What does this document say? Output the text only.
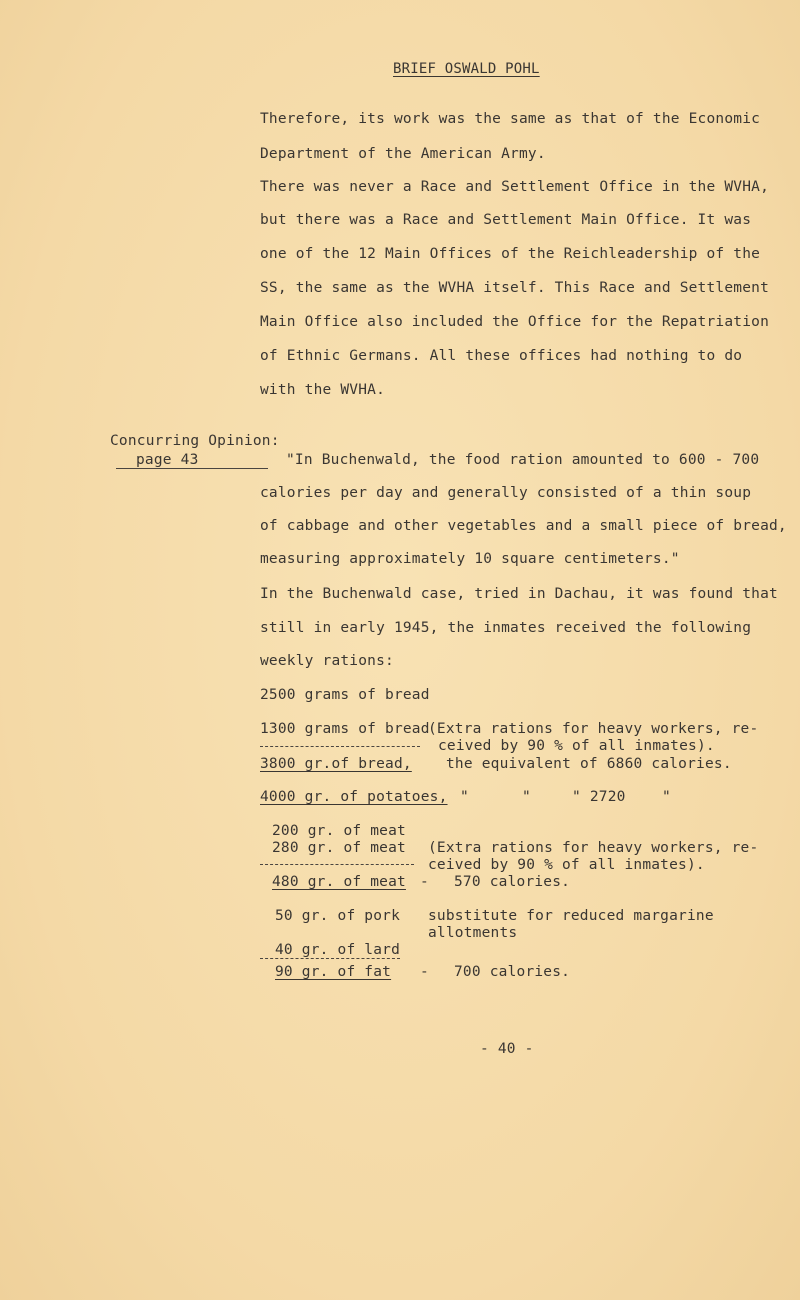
BRIEF OSWALD POHL
Therefore, its work was the same as that of the Economic
Department of the American Army.
There was never a Race and Settlement Office in the WVHA,
but there was a Race and Settlement Main Office. It was
one of the 12 Main Offices of the Reichleadership of the
SS, the same as the WVHA itself. This Race and Settlement
Main Office also included the Office for the Repatriation
of Ethnic Germans. All these offices had nothing to do
with the WVHA.
Concurring Opinion:
page 43	"In Buchenwald, the food ration amounted to 600 - 700
calories per day and generally consisted of a thin soup
of cabbage and other vegetables and a small piece of bread,
measuring approximately 10 square centimeters."
In the Buchenwald case, tried in Dachau, it was found that
still in early 1945, the inmates received the following
weekly rations:
2500 grams of bread
1300 grams of bread
(Extra rations for heavy workers, re-
ceived by 90 % of all inmates).
3800 gr.of bread, the equivalent of 6860 calories.
4000 gr. of potatoes, "	"	" 2720	"
200 gr. of meat
280 gr. of meat (Extra rations for heavy workers, re-
ceived by 90 % of all inmates).
480 gr. of meat - 570 calories.
50 gr. of pork substitute for reduced margarine
allotments
40 gr. of lard
90 gr. of fat - 700 calories.
- 40 -
